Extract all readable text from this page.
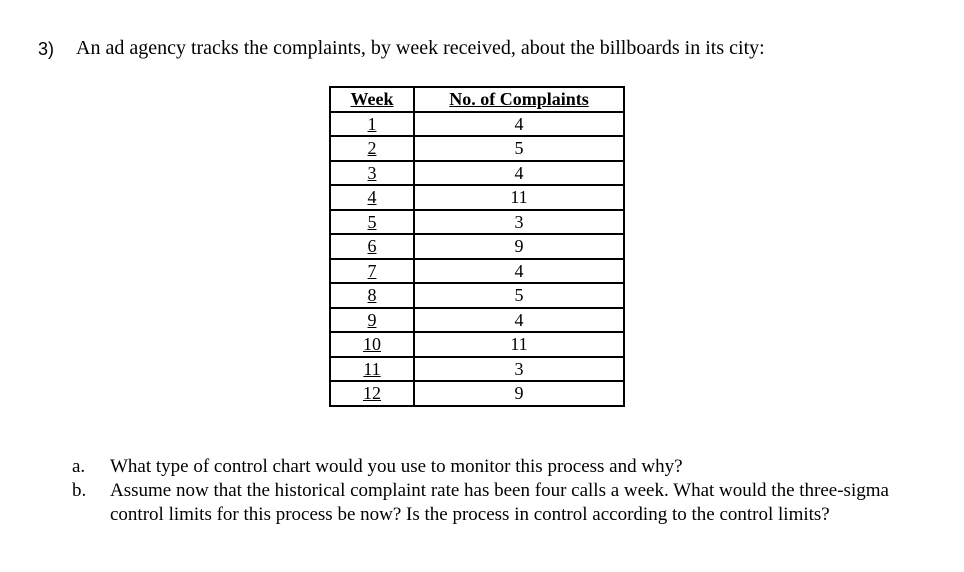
3) An ad agency tracks the complaints, by week received, about the billboards in its city:
Week	No. of Complaints
1	4
2	5
3	4
4	11
5	3
6	9
7	4
8	5
9	4
10	11
11	3
12	9
a.	What type of control chart would you use to monitor this process and why?
b.	Assume now that the historical complaint rate has been four calls a week. What would the three-sigma control limits for this process be now? Is the process in control according to the control limits?
